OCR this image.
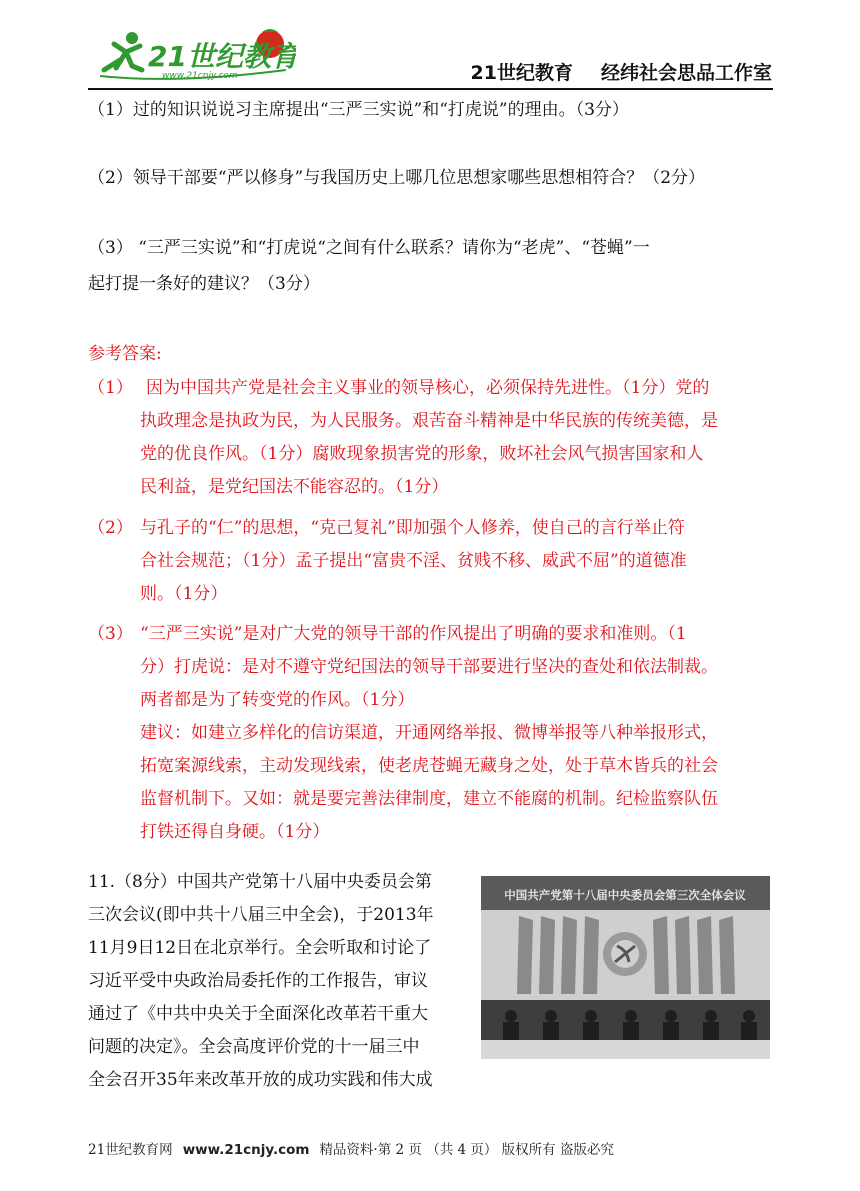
21世纪教育
www.21cnjy.com	21世纪教育 经纬社会思品工作室
（1）过的知识说说习主席提出“三严三实说”和“打虎说”的理由。（3分）
（2）领导干部要“严以修身”与我国历史上哪几位思想家哪些思想相符合？（2分）
（3） “三严三实说”和“打虎说“之间有什么联系？请你为“老虎”、“苍蝇”一
起打提一条好的建议？（3分）
参考答案:
（1） 因为中国共产党是社会主义事业的领导核心，必须保持先进性。（1分）党的
执政理念是执政为民，为人民服务。艰苦奋斗精神是中华民族的传统美德，是
党的优良作风。（1分）腐败现象损害党的形象，败坏社会风气损害国家和人
民利益，是党纪国法不能容忍的。（1分）
（2） 与孔子的“仁”的思想，“克己复礼”即加强个人修养，使自己的言行举止符
合社会规范；（1分）孟子提出“富贵不淫、贫贱不移、威武不屈”的道德准
则。（1分）
（3） “三严三实说”是对广大党的领导干部的作风提出了明确的要求和准则。（1
分）打虎说：是对不遵守党纪国法的领导干部要进行坚决的查处和依法制裁。
两者都是为了转变党的作风。（1分）
建议：如建立多样化的信访渠道，开通网络举报、微博举报等八种举报形式，
拓宽案源线索，主动发现线索，使老虎苍蝇无藏身之处，处于草木皆兵的社会
监督机制下。又如：就是要完善法律制度，建立不能腐的机制。纪检监察队伍
打铁还得自身硬。（1分）
11.（8分）中国共产党第十八届中央委员会第
三次会议(即中共十八届三中全会)，于2013年
11月9日12日在北京举行。全会听取和讨论了
习近平受中央政治局委托作的工作报告，审议
通过了《中共中央关于全面深化改革若干重大
问题的决定》。全会高度评价党的十一届三中
全会召开35年来改革开放的成功实践和伟大成
中国共产党第十八届中央委员会第三次全体会议
21世纪教育网 www.21cnjy.com 精品资料·第 2 页 （共 4 页） 版权所有 盗版必究
